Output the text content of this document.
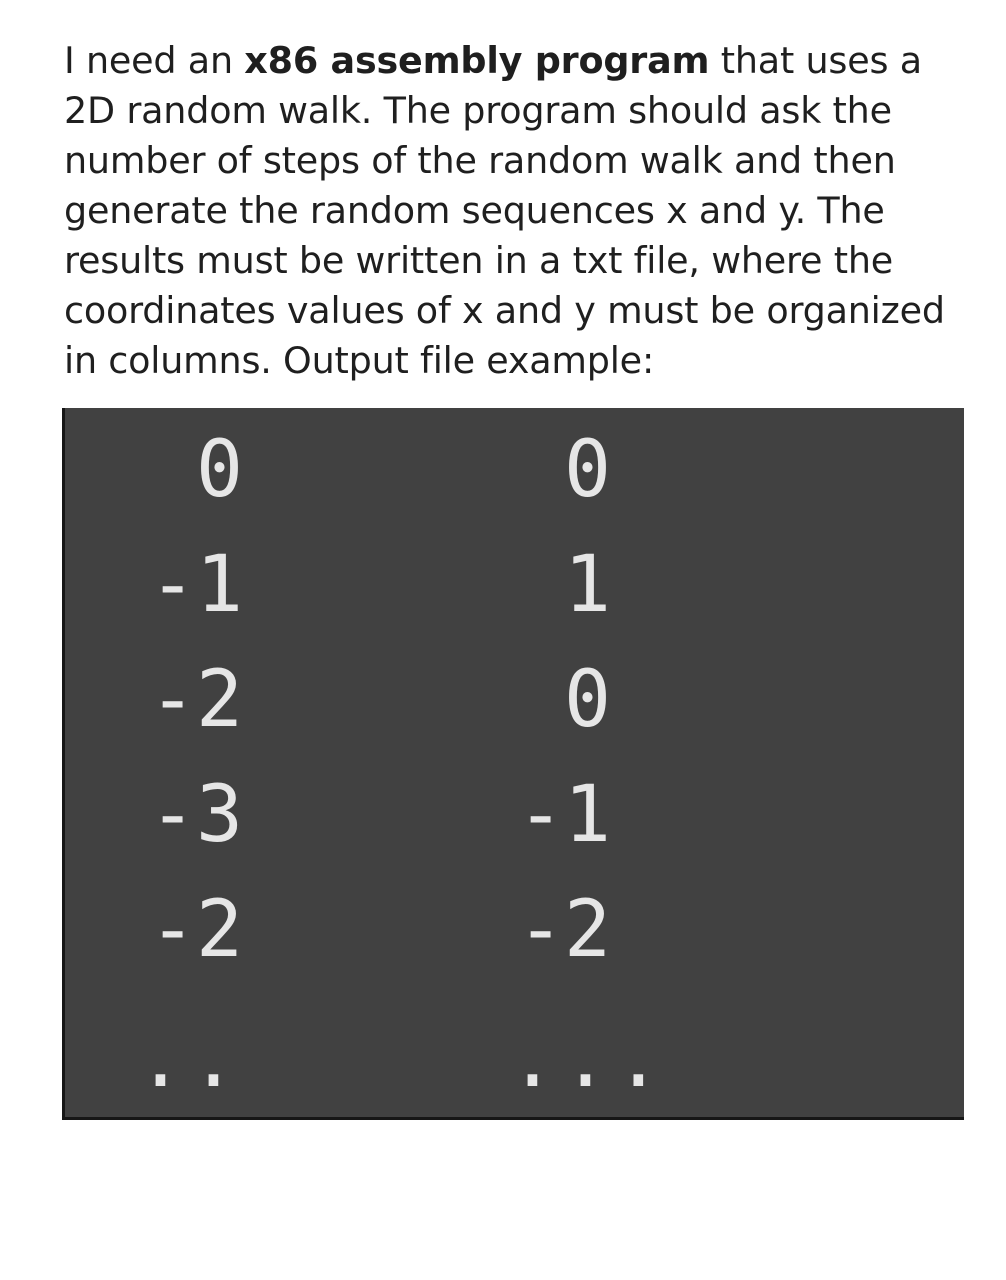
I need an x86 assembly program that uses a 2D random walk. The program should ask the number of steps of the random walk and then generate the random sequences x and y. The results must be written in a txt file, where the coordinates values of x and y must be organized in columns. Output file example:

0	0
-1	1
-2	0
-3	-1
-2	-2
..	...
